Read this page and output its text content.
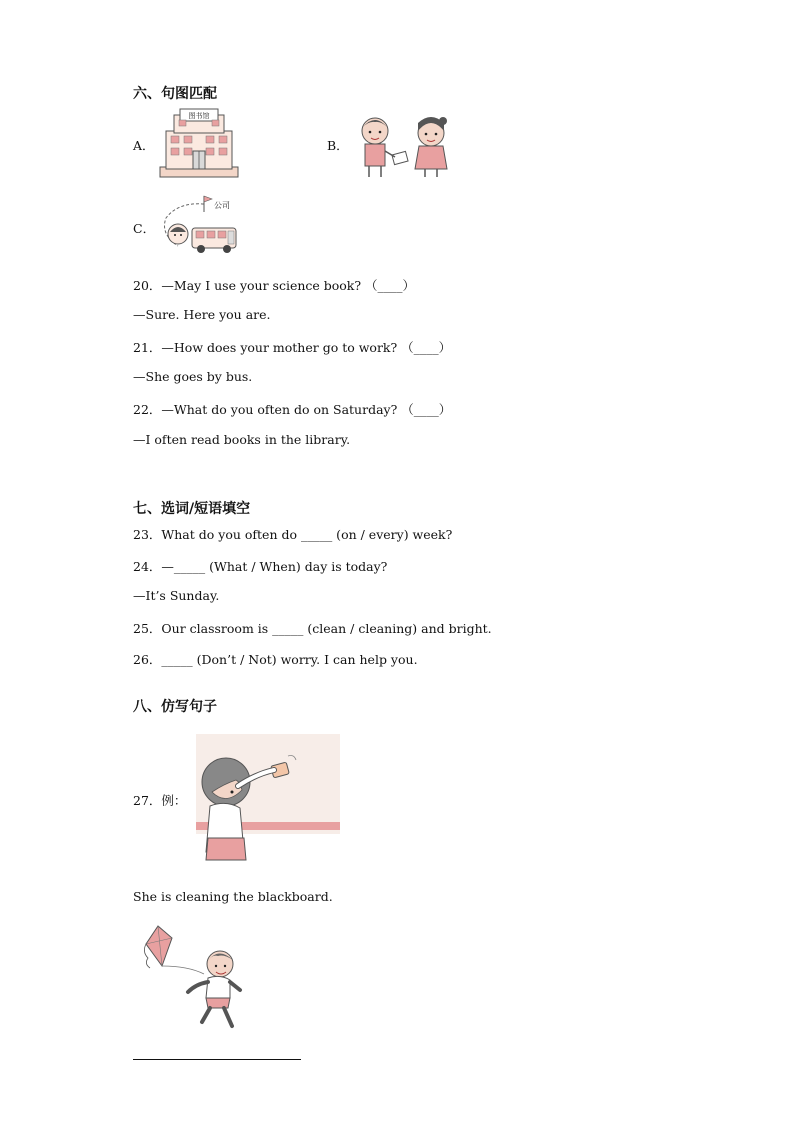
六、句图匹配
A．
图书馆
B．
C．
公司
20．—May I use your science book? （____）
—Sure. Here you are.
21．—How does your mother go to work? （____）
—She goes by bus.
22．—What do you often do on Saturday? （____）
—I often read books in the library.
七、选词/短语填空
23．What do you often do _____ (on / every) week?
24．—_____ (What / When) day is today?
—It’s Sunday.
25．Our classroom is _____ (clean / cleaning) and bright.
26．_____ (Don’t / Not) worry. I can help you.
八、仿写句子
27．例：
She is cleaning the blackboard.
